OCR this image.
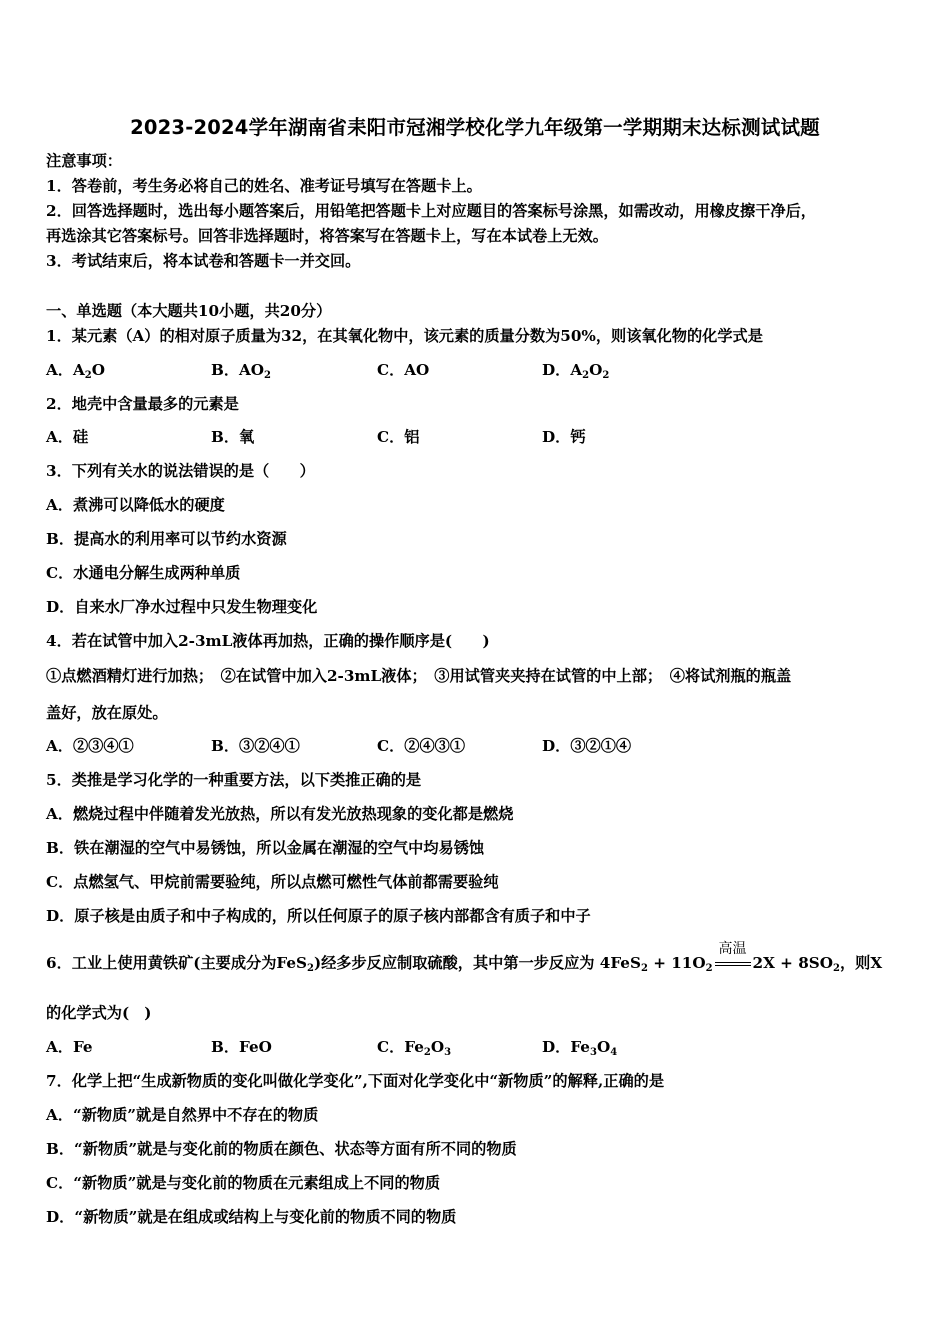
2023-2024学年湖南省耒阳市冠湘学校化学九年级第一学期期末达标测试试题
注意事项：
1．答卷前，考生务必将自己的姓名、准考证号填写在答题卡上。
2．回答选择题时，选出每小题答案后，用铅笔把答题卡上对应题目的答案标号涂黑，如需改动，用橡皮擦干净后，
再选涂其它答案标号。回答非选择题时，将答案写在答题卡上，写在本试卷上无效。
3．考试结束后，将本试卷和答题卡一并交回。
一、单选题（本大题共10小题，共20分）
1．某元素（A）的相对原子质量为32，在其氧化物中，该元素的质量分数为50%，则该氧化物的化学式是
A．$A_2O$	B．$AO_2$	C．AO	D．$A_2O_2$
2．地壳中含量最多的元素是
A．硅	B．氧	C．铝	D．钙
3．下列有关水的说法错误的是（　　）
A．煮沸可以降低水的硬度
B．提高水的利用率可以节约水资源
C．水通电分解生成两种单质
D．自来水厂净水过程中只发生物理变化
4．若在试管中加入2-3mL液体再加热，正确的操作顺序是(　　)
①点燃酒精灯进行加热；　②在试管中加入2-3mL液体；　③用试管夹夹持在试管的中上部；　④将试剂瓶的瓶盖
盖好，放在原处。
A．②③④①	B．③②④①	C．②④③①	D．③②①④
5．类推是学习化学的一种重要方法，以下类推正确的是
A．燃烧过程中伴随着发光放热，所以有发光放热现象的变化都是燃烧
B．铁在潮湿的空气中易锈蚀，所以金属在潮湿的空气中均易锈蚀
C．点燃氢气、甲烷前需要验纯，所以点燃可燃性气体前都需要验纯
D．原子核是由质子和中子构成的，所以任何原子的原子核内部都含有质子和中子
6．工业上使用黄铁矿(主要成分为FeS$_2$)经多步反应制取硫酸，其中第一步反应为 $4FeS_2 + 11O_2$
高温
$2X + 8SO_2$，则X
的化学式为(　)
A．Fe	B．FeO	C．$Fe_2O_3$	D．$Fe_3O_4$
7．化学上把“生成新物质的变化叫做化学变化”,下面对化学变化中“新物质”的解释,正确的是
A．“新物质”就是自然界中不存在的物质
B．“新物质”就是与变化前的物质在颜色、状态等方面有所不同的物质
C．“新物质”就是与变化前的物质在元素组成上不同的物质
D．“新物质”就是在组成或结构上与变化前的物质不同的物质
